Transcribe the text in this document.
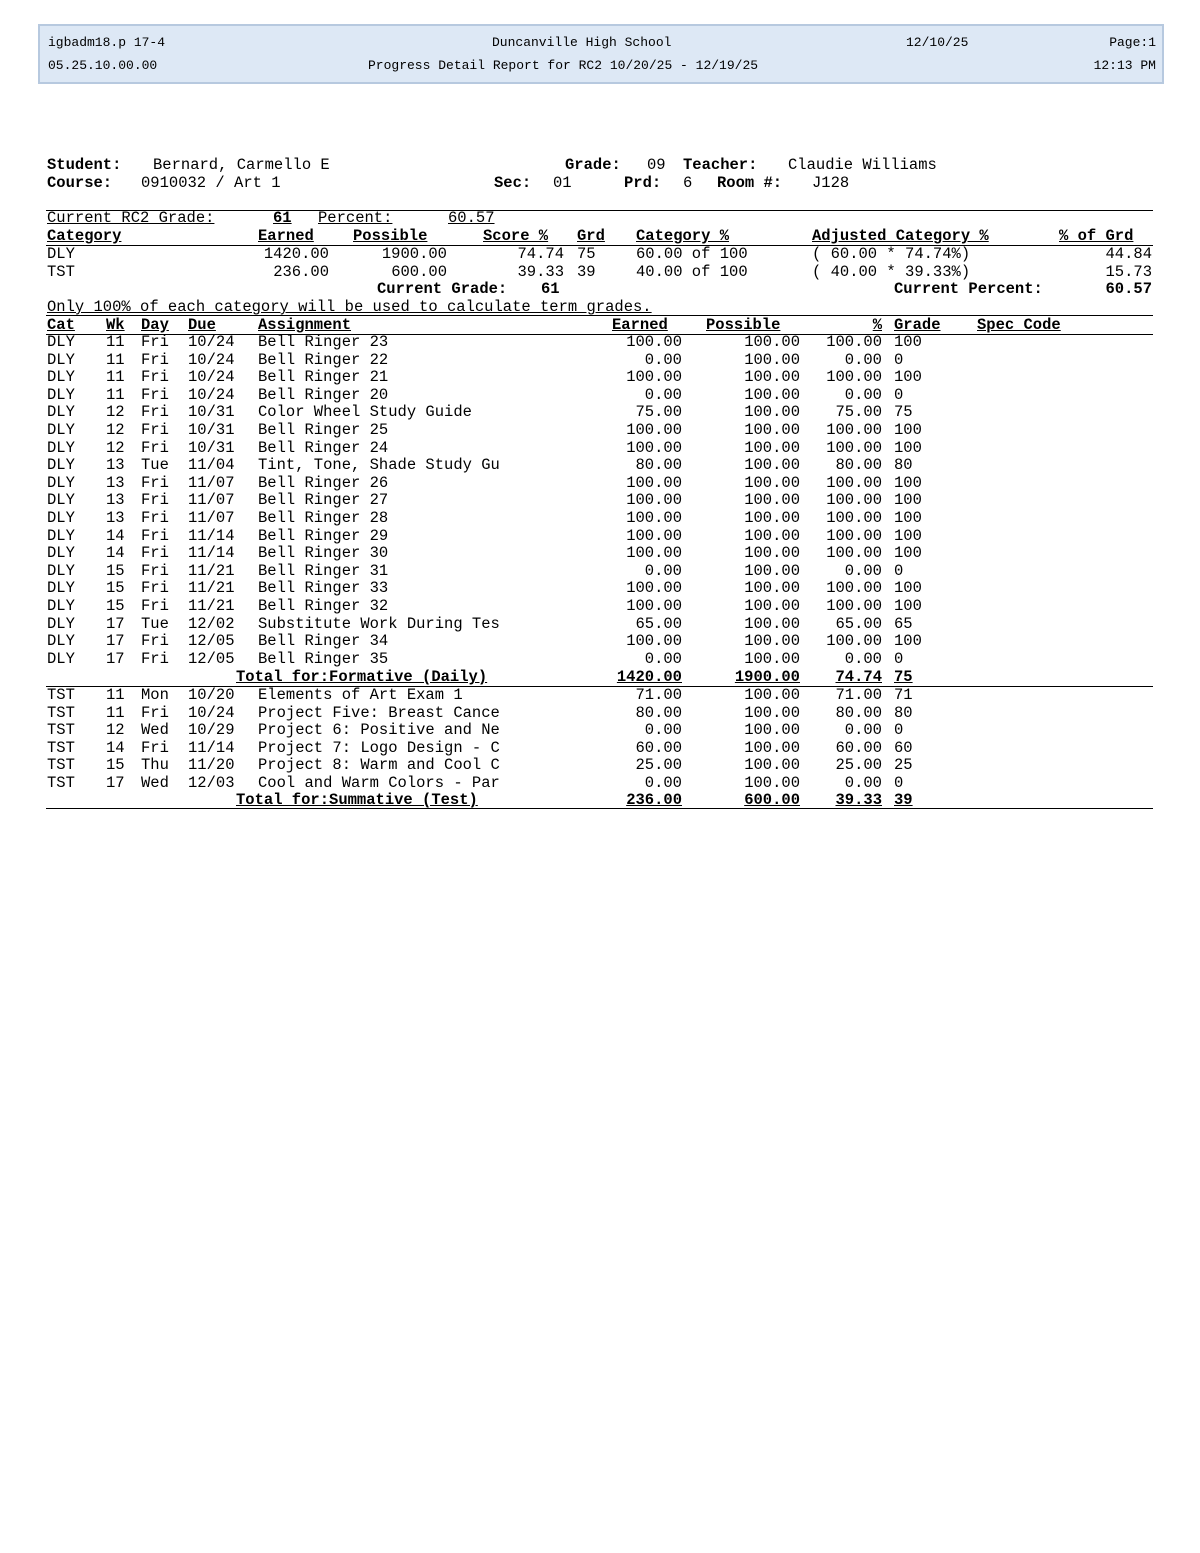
igbadm18.p 17-4
05.25.10.00.00
Duncanville High School
Progress Detail Report for RC2 10/20/25 - 12/19/25
12/10/25	Page:1
12:13 PM
Student: Bernard, Carmello E	Grade: 09 Teacher: Claudie Williams
Course: 0910032 / Art 1	Sec: 01	Prd: 6 Room #: J128
Current RC2 Grade:	61 Percent:	60.57
Category	Earned	Possible	Score % Grd Category %	Adjusted Category %	% of Grd
DLY	1420.00	1900.00	74.74 75	60.00 of 100	( 60.00 * 74.74%)	44.84
TST	236.00	600.00	39.33 39	40.00 of 100	( 40.00 * 39.33%)	15.73
Current Grade: 61	Current Percent:	60.57
Only 100% of each category will be used to calculate term grades.
Cat Wk Day Due	Assignment	Earned Possible	% Grade Spec Code
DLY 11 Fri 10/24 Bell Ringer 23	100.00	100.00 100.00 100
DLY 11 Fri 10/24 Bell Ringer 22	0.00	100.00	0.00 0
DLY 11 Fri 10/24 Bell Ringer 21	100.00	100.00 100.00 100
DLY 11 Fri 10/24 Bell Ringer 20	0.00	100.00	0.00 0
DLY 12 Fri 10/31 Color Wheel Study Guide	75.00	100.00 75.00 75
DLY 12 Fri 10/31 Bell Ringer 25	100.00	100.00 100.00 100
DLY 12 Fri 10/31 Bell Ringer 24	100.00	100.00 100.00 100
DLY 13 Tue 11/04 Tint, Tone, Shade Study Gu	80.00	100.00 80.00 80
DLY 13 Fri 11/07 Bell Ringer 26	100.00	100.00 100.00 100
DLY 13 Fri 11/07 Bell Ringer 27	100.00	100.00 100.00 100
DLY 13 Fri 11/07 Bell Ringer 28	100.00	100.00 100.00 100
DLY 14 Fri 11/14 Bell Ringer 29	100.00	100.00 100.00 100
DLY 14 Fri 11/14 Bell Ringer 30	100.00	100.00 100.00 100
DLY 15 Fri 11/21 Bell Ringer 31	0.00	100.00	0.00 0
DLY 15 Fri 11/21 Bell Ringer 33	100.00	100.00 100.00 100
DLY 15 Fri 11/21 Bell Ringer 32	100.00	100.00 100.00 100
DLY 17 Tue 12/02 Substitute Work During Tes	65.00	100.00 65.00 65
DLY 17 Fri 12/05 Bell Ringer 34	100.00	100.00 100.00 100
DLY 17 Fri 12/05 Bell Ringer 35	0.00	100.00	0.00 0
Total for:Formative (Daily)	1420.00	1900.00 74.74 75
TST 11 Mon 10/20 Elements of Art Exam 1	71.00	100.00 71.00 71
TST 11 Fri 10/24 Project Five: Breast Cance	80.00	100.00 80.00 80
TST 12 Wed 10/29 Project 6: Positive and Ne	0.00	100.00	0.00 0
TST 14 Fri 11/14 Project 7: Logo Design - C	60.00	100.00 60.00 60
TST 15 Thu 11/20 Project 8: Warm and Cool C	25.00	100.00 25.00 25
TST 17 Wed 12/03 Cool and Warm Colors - Par	0.00	100.00	0.00 0
Total for:Summative (Test)	236.00	600.00 39.33 39
